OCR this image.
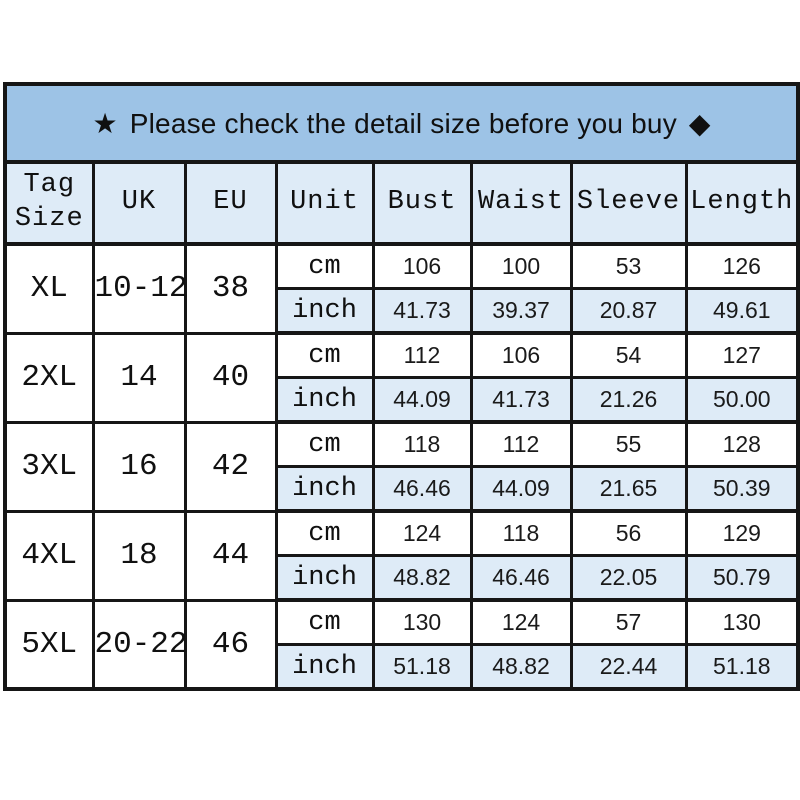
★ Please check the detail size before you buy ◆							
Tag Size	UK	EU	Unit	Bust	Waist	Sleeve	Length
XL	10-12	38	cm	106	100	53	126
			inch	41.73	39.37	20.87	49.61
2XL	14	40	cm	112	106	54	127
			inch	44.09	41.73	21.26	50.00
3XL	16	42	cm	118	112	55	128
			inch	46.46	44.09	21.65	50.39
4XL	18	44	cm	124	118	56	129
			inch	48.82	46.46	22.05	50.79
5XL	20-22	46	cm	130	124	57	130
			inch	51.18	48.82	22.44	51.18
